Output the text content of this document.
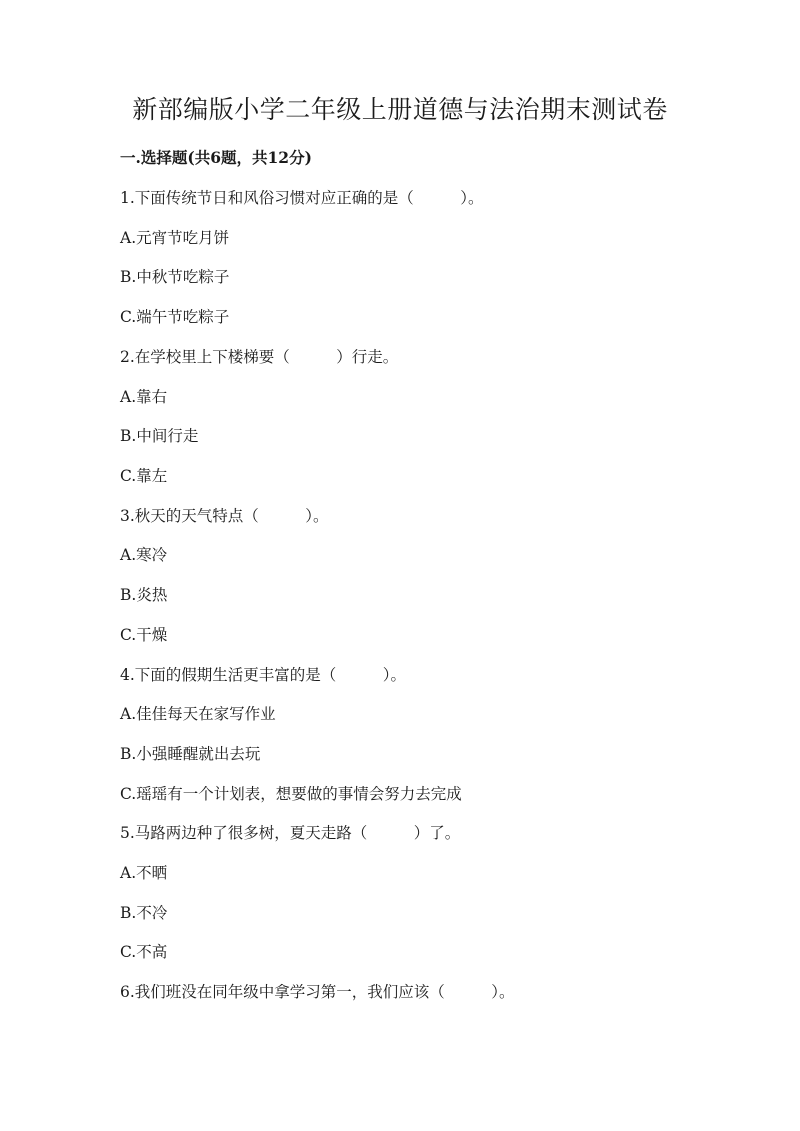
新部编版小学二年级上册道德与法治期末测试卷
一.选择题(共6题，共12分)
1.下面传统节日和风俗习惯对应正确的是（　　　）。
A.元宵节吃月饼
B.中秋节吃粽子
C.端午节吃粽子
2.在学校里上下楼梯要（　　　）行走。
A.靠右
B.中间行走
C.靠左
3.秋天的天气特点（　　　）。
A.寒冷
B.炎热
C.干燥
4.下面的假期生活更丰富的是（　　　）。
A.佳佳每天在家写作业
B.小强睡醒就出去玩
C.瑶瑶有一个计划表，想要做的事情会努力去完成
5.马路两边种了很多树，夏天走路（　　　）了。
A.不晒
B.不冷
C.不高
6.我们班没在同年级中拿学习第一，我们应该（　　　）。
